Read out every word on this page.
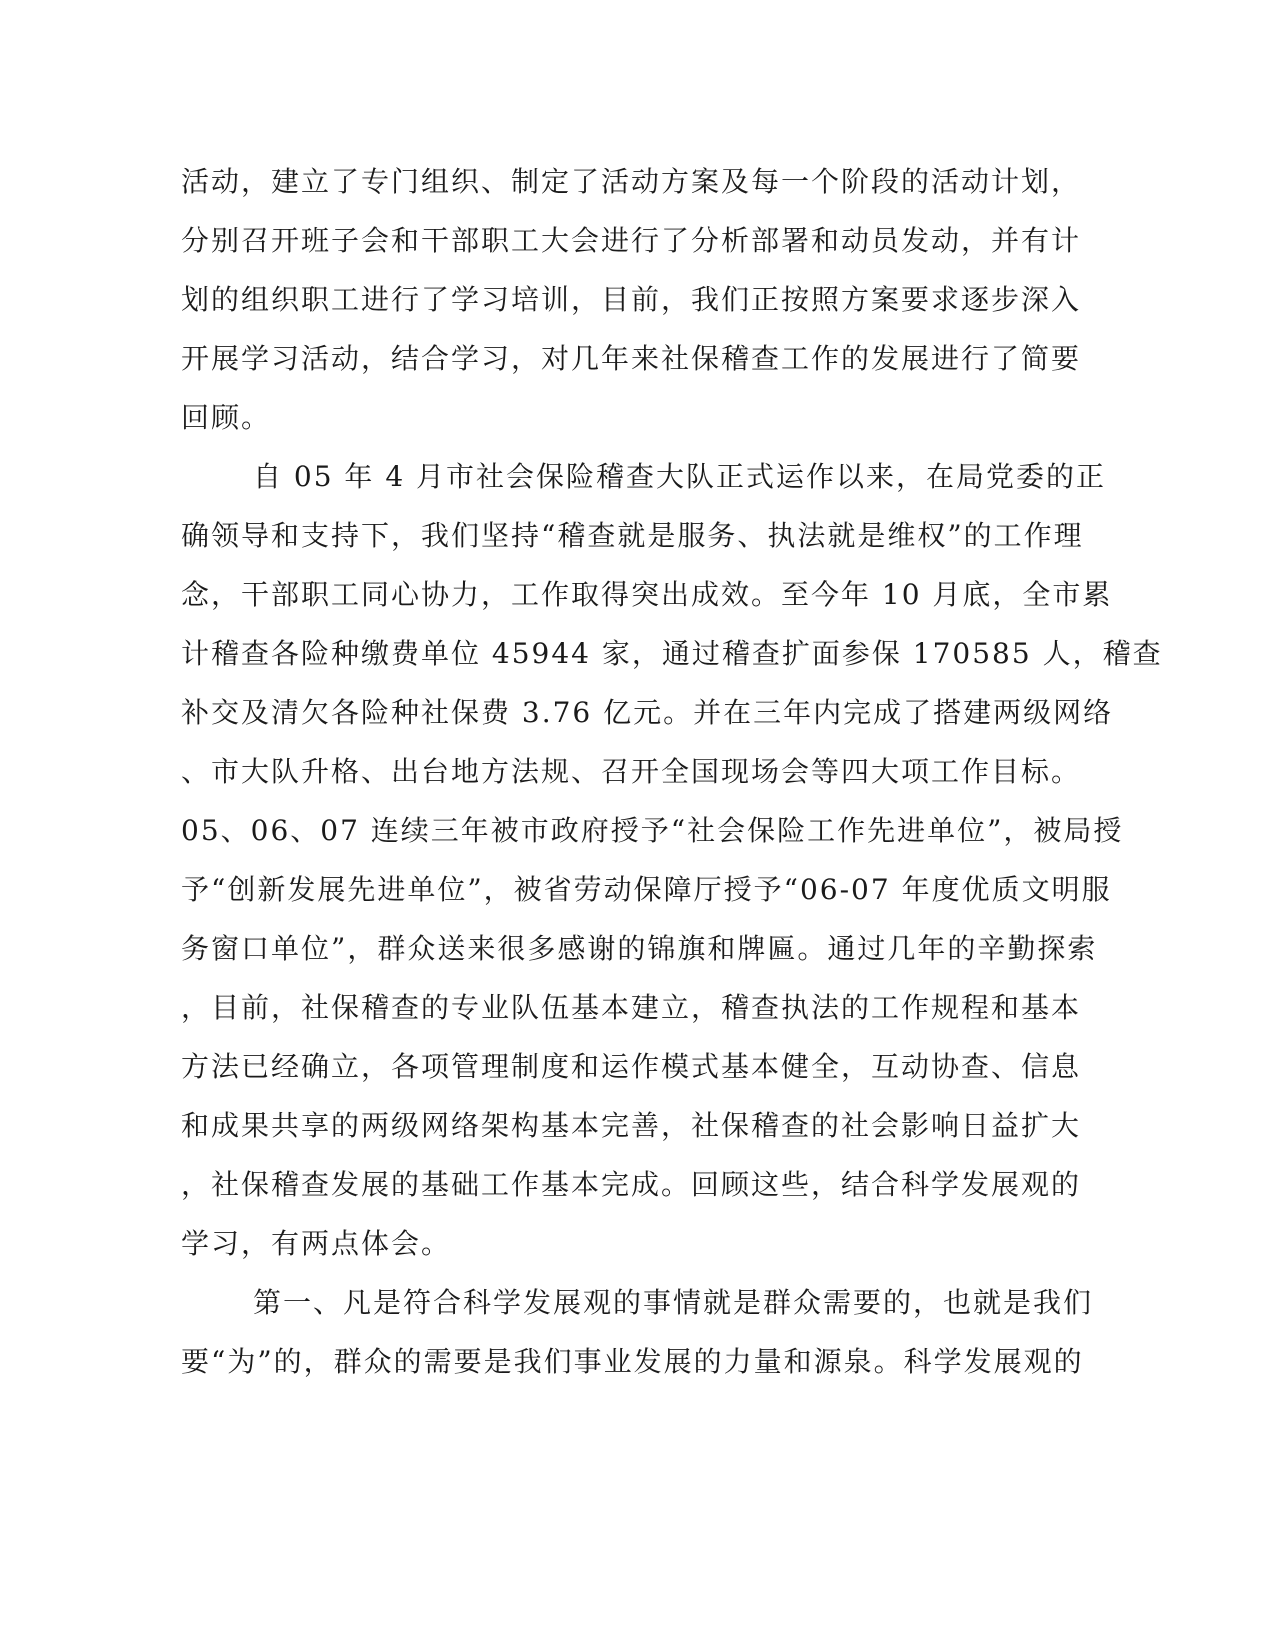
活动，建立了专门组织、制定了活动方案及每一个阶段的活动计划，
分别召开班子会和干部职工大会进行了分析部署和动员发动，并有计
划的组织职工进行了学习培训，目前，我们正按照方案要求逐步深入
开展学习活动，结合学习，对几年来社保稽查工作的发展进行了简要
回顾。
自 05 年 4 月市社会保险稽查大队正式运作以来，在局党委的正
确领导和支持下，我们坚持“稽查就是服务、执法就是维权”的工作理
念，干部职工同心协力，工作取得突出成效。至今年 10 月底，全市累
计稽查各险种缴费单位 45944 家，通过稽查扩面参保 170585 人，稽查
补交及清欠各险种社保费 3.76 亿元。并在三年内完成了搭建两级网络
、市大队升格、出台地方法规、召开全国现场会等四大项工作目标。
05、06、07 连续三年被市政府授予“社会保险工作先进单位”，被局授
予“创新发展先进单位”，被省劳动保障厅授予“06-07 年度优质文明服
务窗口单位”，群众送来很多感谢的锦旗和牌匾。通过几年的辛勤探索
，目前，社保稽查的专业队伍基本建立，稽查执法的工作规程和基本
方法已经确立，各项管理制度和运作模式基本健全，互动协查、信息
和成果共享的两级网络架构基本完善，社保稽查的社会影响日益扩大
，社保稽查发展的基础工作基本完成。回顾这些，结合科学发展观的
学习，有两点体会。
第一、凡是符合科学发展观的事情就是群众需要的，也就是我们
要“为”的，群众的需要是我们事业发展的力量和源泉。科学发展观的
